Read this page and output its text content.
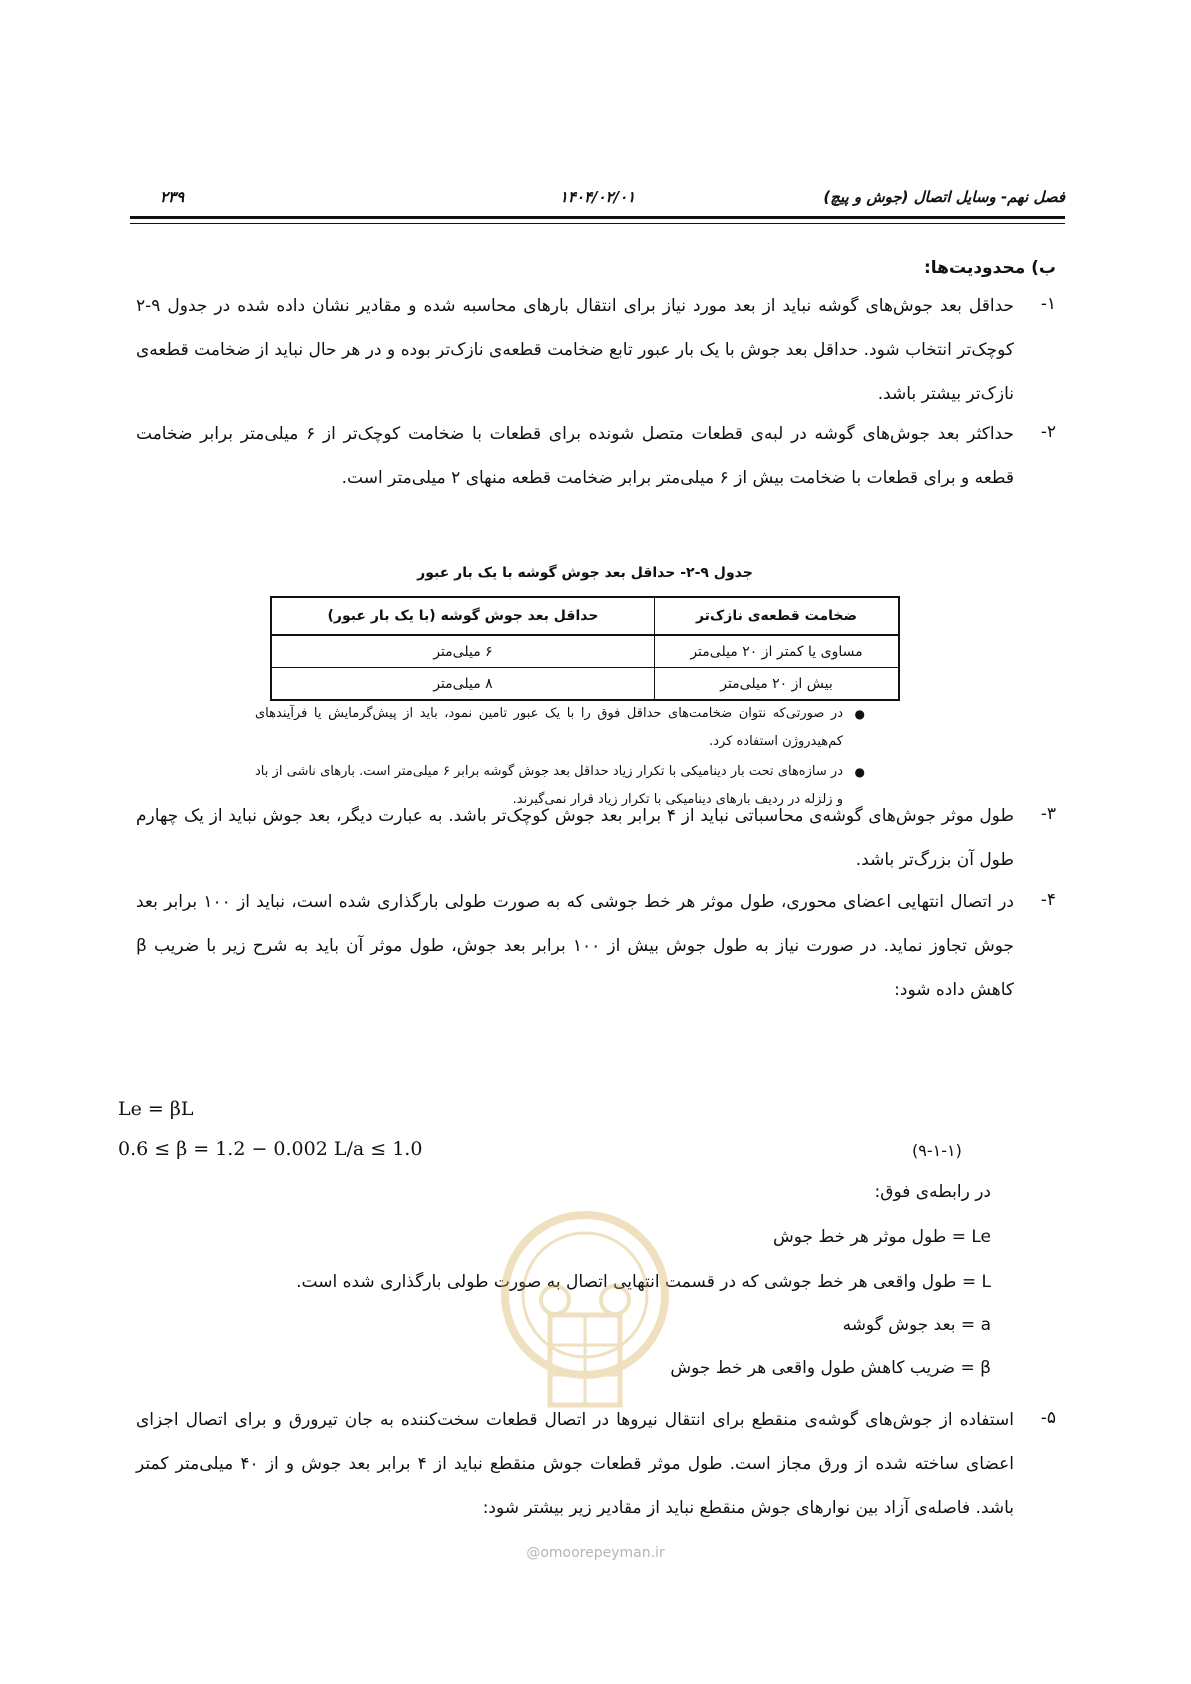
فصل نهم- وسایل اتصال (جوش و پیچ)
۱۴۰۴/۰۲/۰۱
۲۳۹
ب) محدودیت‌ها:
۱-
حداقل بعد جوش‌های گوشه نباید از بعد مورد نیاز برای انتقال بارهای محاسبه شده و مقادیر نشان داده شده در جدول ۹-۲ کوچک‌تر انتخاب شود. حداقل بعد جوش با یک بار عبور تابع ضخامت قطعه‌ی نازک‌تر بوده و در هر حال نباید از ضخامت قطعه‌ی نازک‌تر بیشتر باشد.
۲-
حداکثر بعد جوش‌های گوشه در لبه‌ی قطعات متصل شونده برای قطعات با ضخامت کوچک‌تر از ۶ میلی‌متر برابر ضخامت قطعه و برای قطعات با ضخامت بیش از ۶ میلی‌متر برابر ضخامت قطعه منهای ۲ میلی‌متر است.
جدول ۹-۲- حداقل بعد جوش گوشه با یک بار عبور
ضخامت قطعه‌ی نازک‌تر	حداقل بعد جوش گوشه (با یک بار عبور)
مساوی یا کمتر از ۲۰ میلی‌متر	۶ میلی‌متر
بیش از ۲۰ میلی‌متر	۸ میلی‌متر
●
در صورتی‌که نتوان ضخامت‌های حداقل فوق را با یک عبور تامین نمود، باید از پیش‌گرمایش یا فرآیندهای کم‌هیدروژن استفاده کرد.
●
در سازه‌های تحت بار دینامیکی با تکرار زیاد حداقل بعد جوش گوشه برابر ۶ میلی‌متر است. بارهای ناشی از باد و زلزله در ردیف بارهای دینامیکی با تکرار زیاد قرار نمی‌گیرند.
۳-
طول موثر جوش‌های گوشه‌ی محاسباتی نباید از ۴ برابر بعد جوش کوچک‌تر باشد. به عبارت دیگر، بعد جوش نباید از یک چهارم طول آن بزرگ‌تر باشد.
۴-
در اتصال انتهایی اعضای محوری، طول موثر هر خط جوشی که به صورت طولی بارگذاری شده است، نباید از ۱۰۰ برابر بعد جوش تجاوز نماید. در صورت نیاز به طول جوش بیش از ۱۰۰ برابر بعد جوش، طول موثر آن باید به شرح زیر با ضریب β کاهش داده شود:
Le = βL
0.6 ≤ β = 1.2 − 0.002 L/a ≤ 1.0	(۹-۱-۱)
در رابطه‌ی فوق:
Le = طول موثر هر خط جوش
L = طول واقعی هر خط جوشی که در قسمت انتهایی اتصال به صورت طولی بارگذاری شده است.
a = بعد جوش گوشه
β = ضریب کاهش طول واقعی هر خط جوش
۵-
استفاده از جوش‌های گوشه‌ی منقطع برای انتقال نیروها در اتصال قطعات سخت‌کننده به جان تیرورق و برای اتصال اجزای اعضای ساخته شده از ورق مجاز است. طول موثر قطعات جوش منقطع نباید از ۴ برابر بعد جوش و از ۴۰ میلی‌متر کمتر باشد. فاصله‌ی آزاد بین نوارهای جوش منقطع نباید از مقادیر زیر بیشتر شود:
@omoorepeyman.ir
